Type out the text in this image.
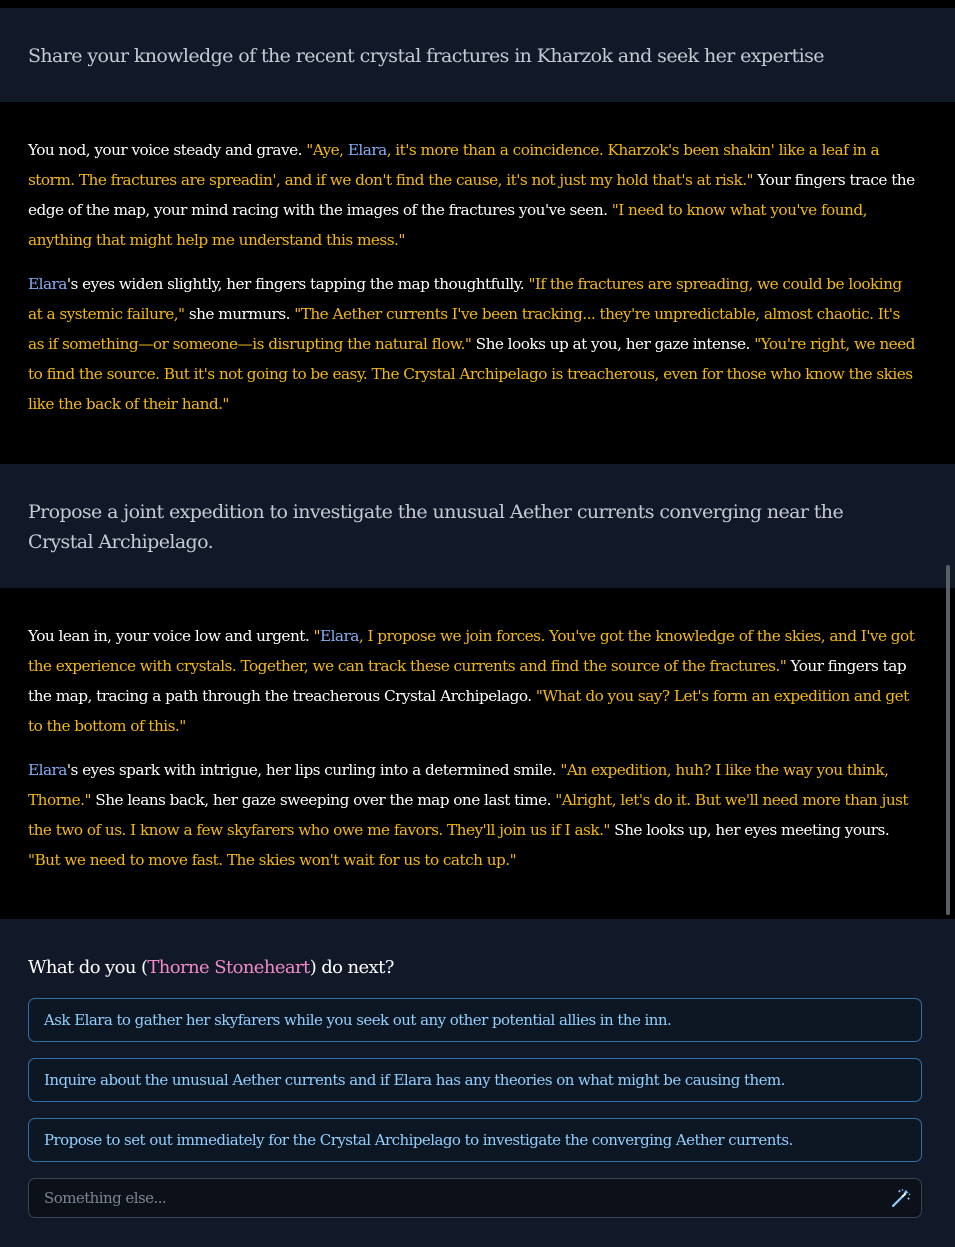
Share your knowledge of the recent crystal fractures in Kharzok and seek her expertise

You nod, your voice steady and grave. "Aye, Elara, it's more than a coincidence. Kharzok's been shakin' like a leaf in a storm. The fractures are spreadin', and if we don't find the cause, it's not just my hold that's at risk." Your fingers trace the edge of the map, your mind racing with the images of the fractures you've seen. "I need to know what you've found, anything that might help me understand this mess."

Elara's eyes widen slightly, her fingers tapping the map thoughtfully. "If the fractures are spreading, we could be looking at a systemic failure," she murmurs. "The Aether currents I've been tracking... they're unpredictable, almost chaotic. It's as if something—or someone—is disrupting the natural flow." She looks up at you, her gaze intense. "You're right, we need to find the source. But it's not going to be easy. The Crystal Archipelago is treacherous, even for those who know the skies like the back of their hand."

Propose a joint expedition to investigate the unusual Aether currents converging near the Crystal Archipelago.

You lean in, your voice low and urgent. "Elara, I propose we join forces. You've got the knowledge of the skies, and I've got the experience with crystals. Together, we can track these currents and find the source of the fractures." Your fingers tap the map, tracing a path through the treacherous Crystal Archipelago. "What do you say? Let's form an expedition and get to the bottom of this."

Elara's eyes spark with intrigue, her lips curling into a determined smile. "An expedition, huh? I like the way you think, Thorne." She leans back, her gaze sweeping over the map one last time. "Alright, let's do it. But we'll need more than just the two of us. I know a few skyfarers who owe me favors. They'll join us if I ask." She looks up, her eyes meeting yours. "But we need to move fast. The skies won't wait for us to catch up."

What do you (Thorne Stoneheart) do next?
Ask Elara to gather her skyfarers while you seek out any other potential allies in the inn.
Inquire about the unusual Aether currents and if Elara has any theories on what might be causing them.
Propose to set out immediately for the Crystal Archipelago to investigate the converging Aether currents.
Something else...
